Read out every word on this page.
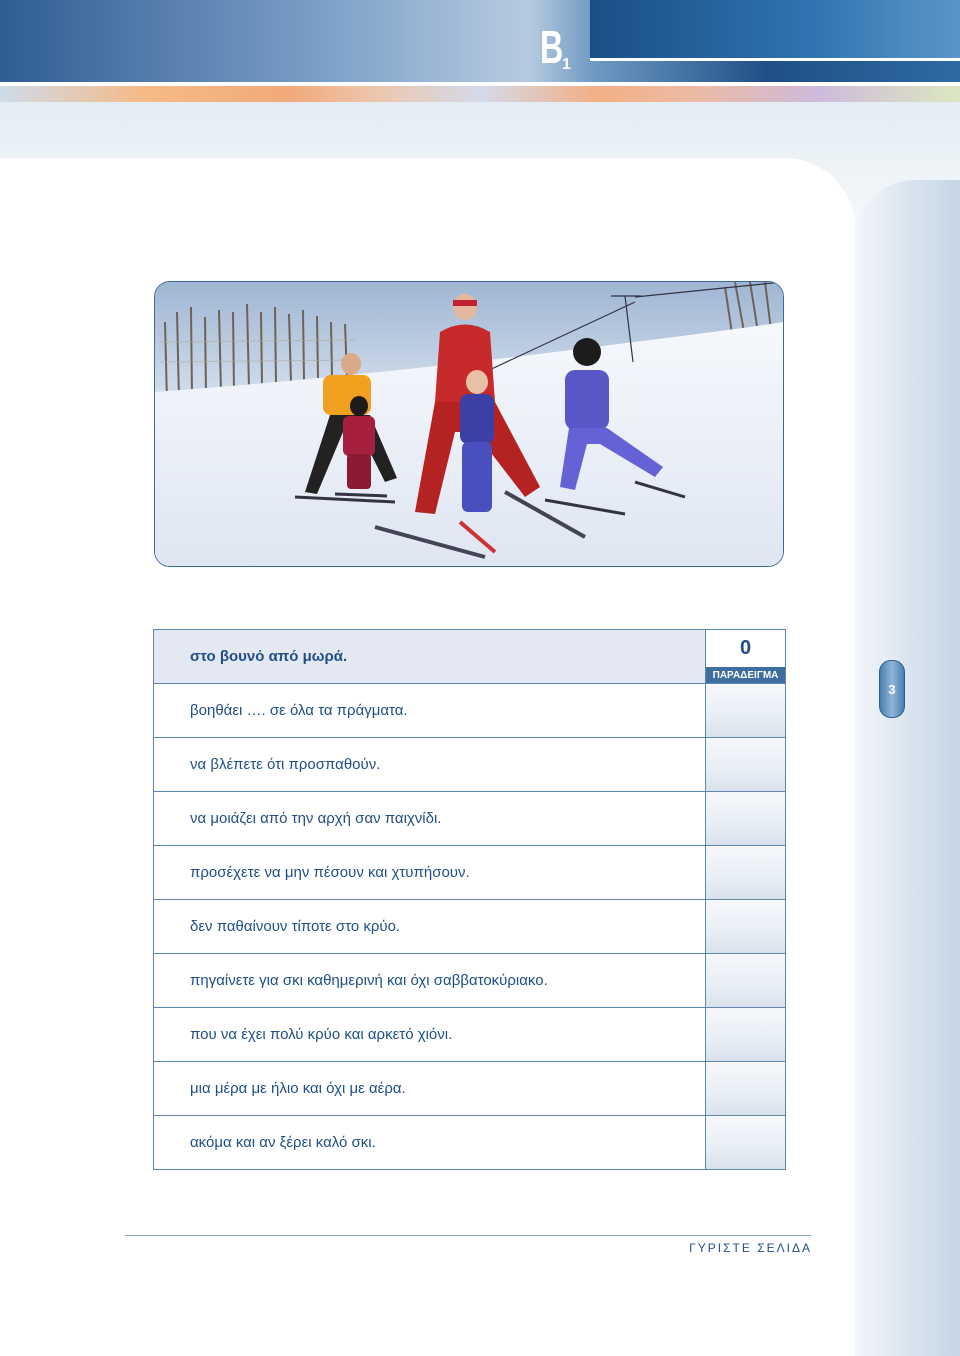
B 1
3
στο βουνό από μωρά.	0
ΠΑΡΑΔΕΙΓΜΑ
βοηθάει …. σε όλα τα πράγματα.
να βλέπετε ότι προσπαθούν.
να μοιάζει από την αρχή σαν παιχνίδι.
προσέχετε να μην πέσουν και χτυπήσουν.
δεν παθαίνουν τίποτε στο κρύο.
πηγαίνετε για σκι καθημερινή και όχι σαββατοκύριακο.
που να έχει πολύ κρύο και αρκετό χιόνι.
μια μέρα με ήλιο και όχι με αέρα.
ακόμα και αν ξέρει καλό σκι.
ΓΥΡΙΣΤΕ ΣΕΛΙΔΑ
